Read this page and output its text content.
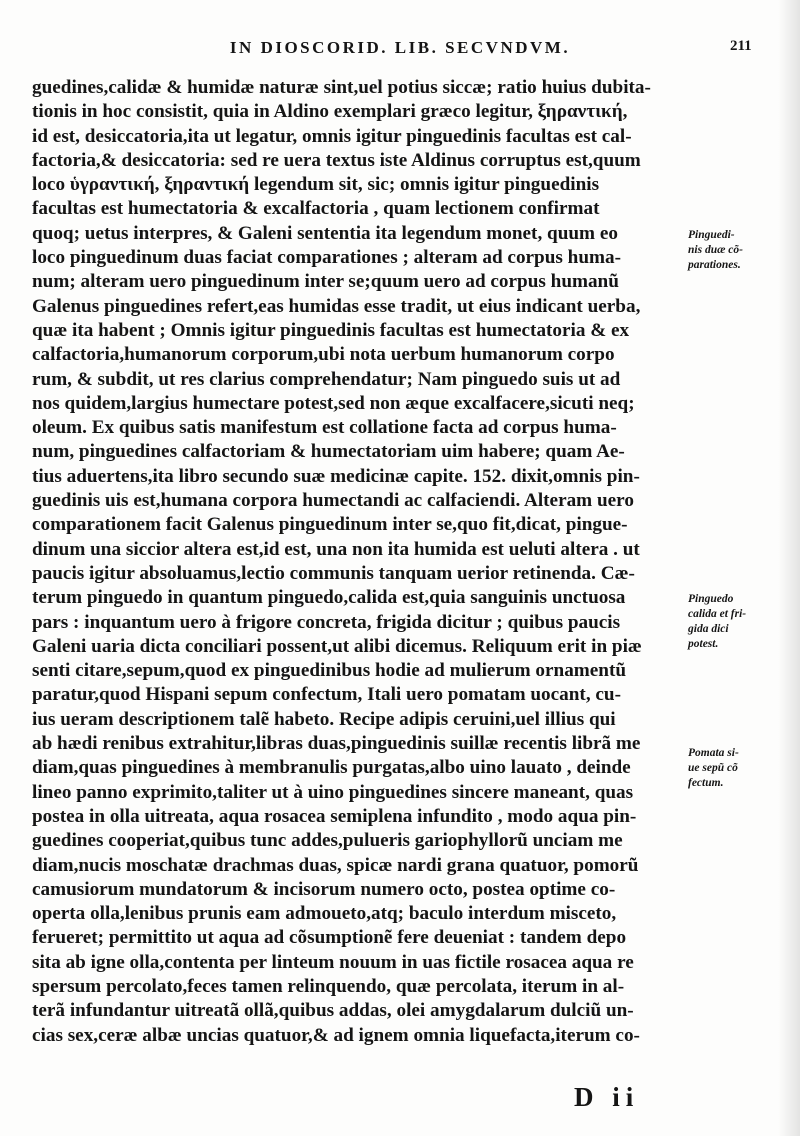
IN DIOSCORID. LIB. SECVNDVM.	211
guedines,calidæ & humidæ naturæ sint,uel potius siccæ; ratio huius dubita-
tionis in hoc consistit, quia in Aldino exemplari græco legitur, ξηραντική,
id est, desiccatoria,ita ut legatur, omnis igitur pinguedinis facultas est cal-
factoria,& desiccatoria: sed re uera textus iste Aldinus corruptus est,quum
loco ὑγραντική, ξηραντική legendum sit, sic; omnis igitur pinguedinis
facultas est humectatoria & excalfactoria , quam lectionem confirmat
quoq; uetus interpres, & Galeni sententia ita legendum monet, quum eo
loco pinguedinum duas faciat comparationes ; alteram ad corpus huma-
num; alteram uero pinguedinum inter se;quum uero ad corpus humanũ
Galenus pinguedines refert,eas humidas esse tradit, ut eius indicant uerba,
quæ ita habent ; Omnis igitur pinguedinis facultas est humectatoria & ex
calfactoria,humanorum corporum,ubi nota uerbum humanorum corpo
rum, & subdit, ut res clarius comprehendatur; Nam pinguedo suis ut ad
nos quidem,largius humectare potest,sed non æque excalfacere,sicuti neq;
oleum. Ex quibus satis manifestum est collatione facta ad corpus huma-
num, pinguedines calfactoriam & humectatoriam uim habere; quam Ae-
tius aduertens,ita libro secundo suæ medicinæ capite. 152. dixit,omnis pin-
guedinis uis est,humana corpora humectandi ac calfaciendi. Alteram uero
comparationem facit Galenus pinguedinum inter se,quo fit,dicat, pingue-
dinum una siccior altera est,id est, una non ita humida est ueluti altera . ut
paucis igitur absoluamus,lectio communis tanquam uerior retinenda. Cæ-
terum pinguedo in quantum pinguedo,calida est,quia sanguinis unctuosa
pars : inquantum uero à frigore concreta, frigida dicitur ; quibus paucis
Galeni uaria dicta conciliari possent,ut alibi dicemus. Reliquum erit in piæ
senti citare,sepum,quod ex pinguedinibus hodie ad mulierum ornamentũ
paratur,quod Hispani sepum confectum, Itali uero pomatam uocant, cu-
ius ueram descriptionem talẽ habeto. Recipe adipis ceruini,uel illius qui
ab hædi renibus extrahitur,libras duas,pinguedinis suillæ recentis librã me
diam,quas pinguedines à membranulis purgatas,albo uino lauato , deinde
lineo panno exprimito,taliter ut à uino pinguedines sincere maneant, quas
postea in olla uitreata, aqua rosacea semiplena infundito , modo aqua pin-
guedines cooperiat,quibus tunc addes,pulueris gariophyllorũ unciam me
diam,nucis moschatæ drachmas duas, spicæ nardi grana quatuor, pomorũ
camusiorum mundatorum & incisorum numero octo, postea optime co-
operta olla,lenibus prunis eam admoueto,atq; baculo interdum misceto,
ferueret; permittito ut aqua ad cõsumptionẽ fere deueniat : tandem depo
sita ab igne olla,contenta per linteum nouum in uas fictile rosacea aqua re
spersum percolato,feces tamen relinquendo, quæ percolata, iterum in al-
terã infundantur uitreatã ollã,quibus addas, olei amygdalarum dulciũ un-
cias sex,ceræ albæ uncias quatuor,& ad ignem omnia liquefacta,iterum co-
Pinguedi-
nis duæ cõ-
parationes.
Pinguedo
calida et fri-
gida dici
potest.
Pomata si-
ue sepũ cõ
fectum.
D ii
